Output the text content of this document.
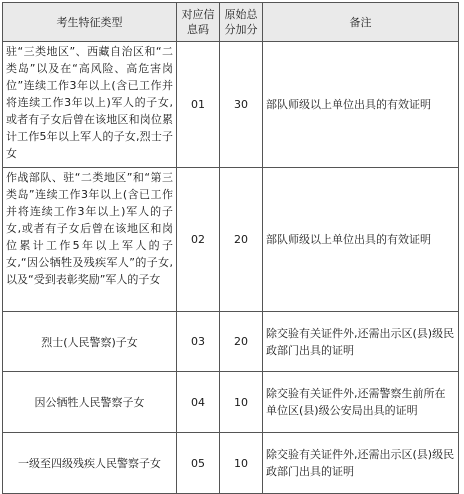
考生特征类型	对应信息码	原始总分加分	备注
驻“三类地区”、西藏自治区和“二类岛”以及在“高风险、高危害岗位”连续工作3年以上(含已工作并将连续工作3年以上)军人的子女,或者有子女后曾在该地区和岗位累计工作5年以上军人的子女,烈士子女	01	30	部队师级以上单位出具的有效证明
作战部队、驻“二类地区”和“第三类岛”连续工作3年以上(含已工作并将连续工作3年以上)军人的子女,或者有子女后曾在该地区和岗位累计工作5年以上军人的子女,“因公牺牲及残疾军人”的子女,以及“受到表彰奖励”军人的子女	02	20	部队师级以上单位出具的有效证明
烈士(人民警察)子女	03	20	除交验有关证件外,还需出示区(县)级民政部门出具的证明
因公牺牲人民警察子女	04	10	除交验有关证件外,还需警察生前所在单位区(县)级公安局出具的证明
一级至四级残疾人民警察子女	05	10	除交验有关证件外,还需出示区(县)级民政部门出具的证明
